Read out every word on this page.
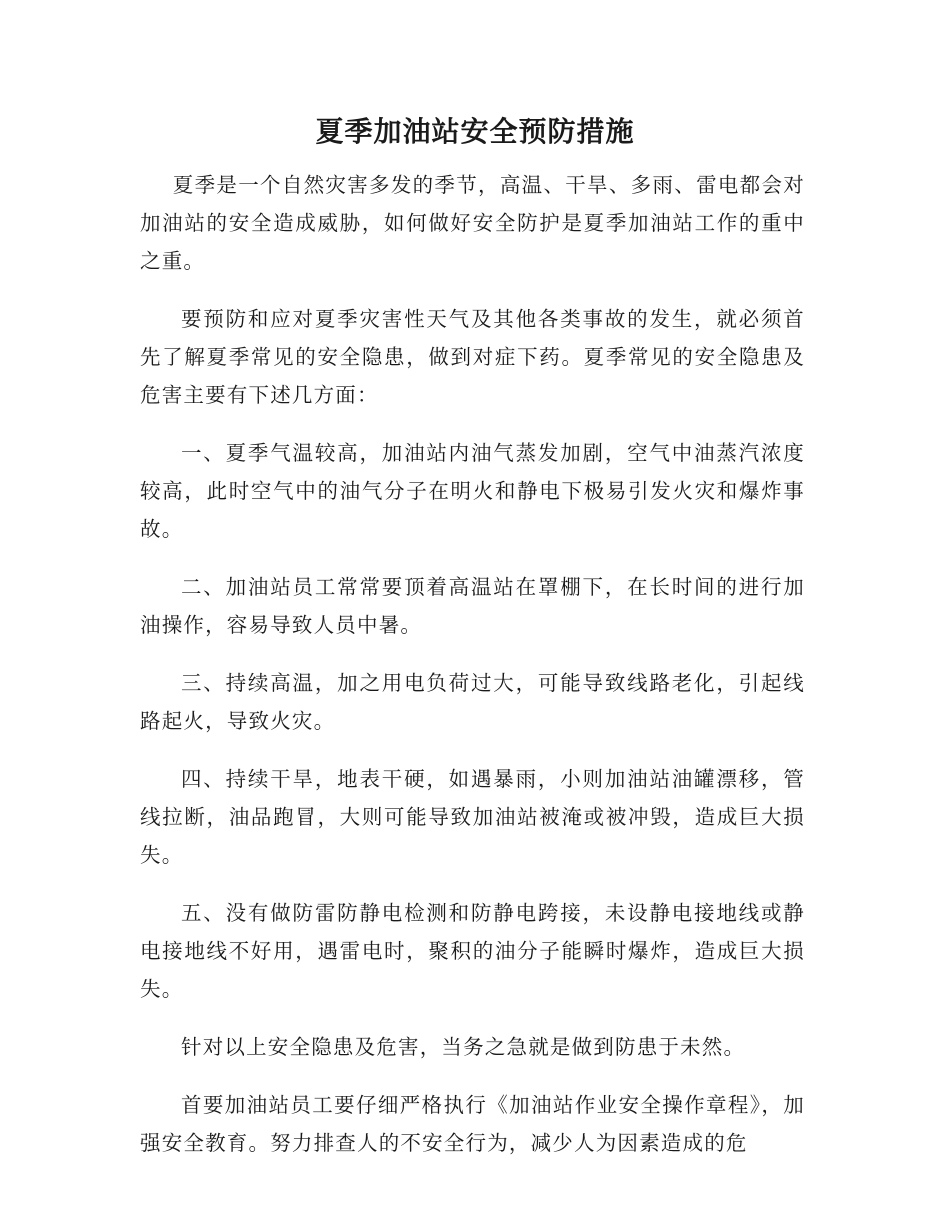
夏季加油站安全预防措施

夏季是一个自然灾害多发的季节，高温、干旱、多雨、雷电都会对加油站的安全造成威胁，如何做好安全防护是夏季加油站工作的重中之重。

要预防和应对夏季灾害性天气及其他各类事故的发生，就必须首先了解夏季常见的安全隐患，做到对症下药。夏季常见的安全隐患及危害主要有下述几方面：

一、夏季气温较高，加油站内油气蒸发加剧，空气中油蒸汽浓度较高，此时空气中的油气分子在明火和静电下极易引发火灾和爆炸事故。

二、加油站员工常常要顶着高温站在罩棚下，在长时间的进行加油操作，容易导致人员中暑。

三、持续高温，加之用电负荷过大，可能导致线路老化，引起线路起火，导致火灾。

四、持续干旱，地表干硬，如遇暴雨，小则加油站油罐漂移，管线拉断，油品跑冒，大则可能导致加油站被淹或被冲毁，造成巨大损失。

五、没有做防雷防静电检测和防静电跨接，未设静电接地线或静电接地线不好用，遇雷电时，聚积的油分子能瞬时爆炸，造成巨大损失。

针对以上安全隐患及危害，当务之急就是做到防患于未然。

首要加油站员工要仔细严格执行《加油站作业安全操作章程》，加强安全教育。努力排查人的不安全行为，减少人为因素造成的危
